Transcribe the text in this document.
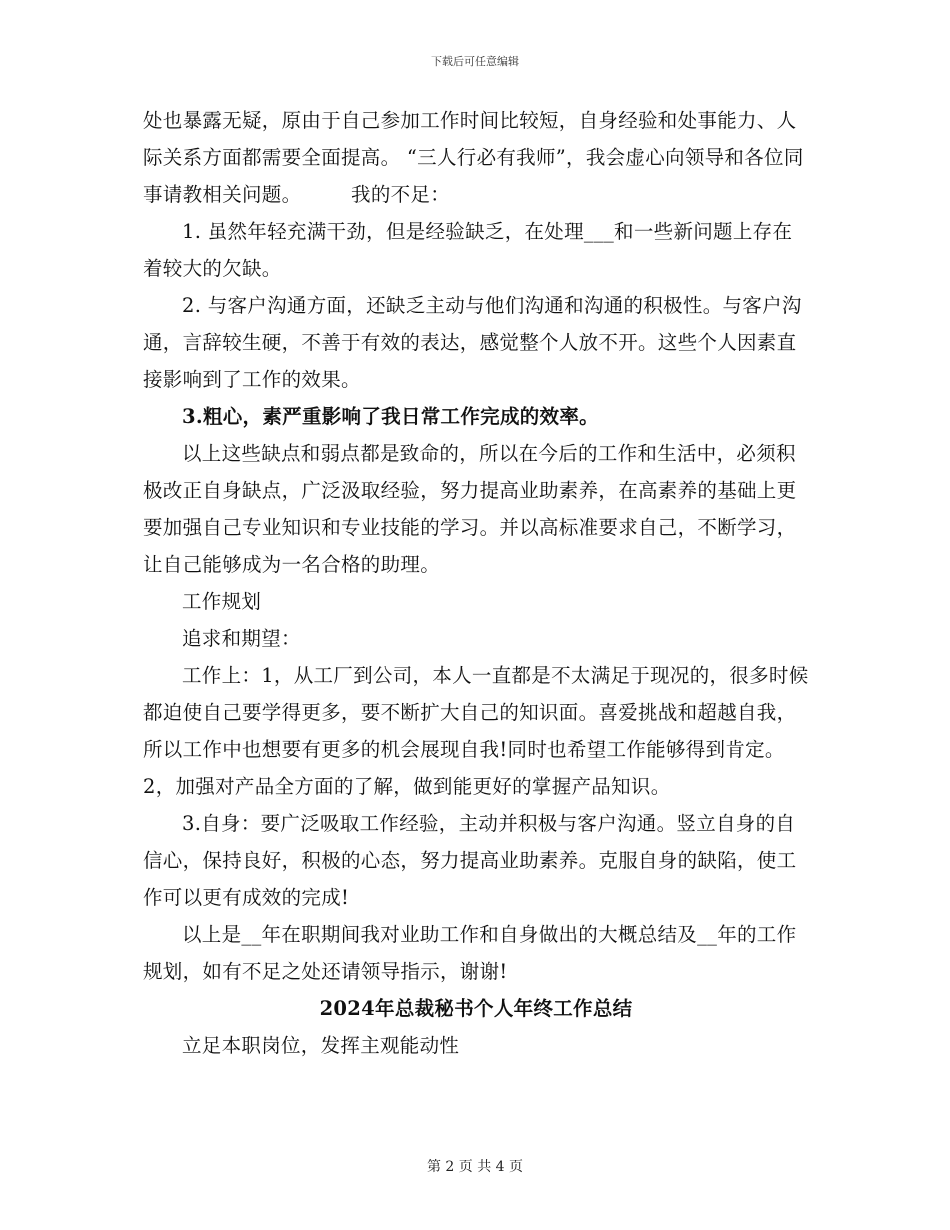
下载后可任意编辑

处也暴露无疑，原由于自己参加工作时间比较短，自身经验和处事能力、人际关系方面都需要全面提高。 “三人行必有我师”，我会虚心向领导和各位同事请教相关问题。　　　我的不足：

1. 虽然年轻充满干劲，但是经验缺乏，在处理___和一些新问题上存在着较大的欠缺。

2. 与客户沟通方面，还缺乏主动与他们沟通和沟通的积极性。与客户沟通，言辞较生硬，不善于有效的表达，感觉整个人放不开。这些个人因素直接影响到了工作的效果。

3.粗心，素严重影响了我日常工作完成的效率。

以上这些缺点和弱点都是致命的，所以在今后的工作和生活中，必须积极改正自身缺点，广泛汲取经验，努力提高业助素养，在高素养的基础上更要加强自己专业知识和专业技能的学习。并以高标准要求自己，不断学习，让自己能够成为一名合格的助理。

工作规划

追求和期望：

工作上：1，从工厂到公司，本人一直都是不太满足于现况的，很多时候都迫使自己要学得更多，要不断扩大自己的知识面。喜爱挑战和超越自我，所以工作中也想要有更多的机会展现自我!同时也希望工作能够得到肯定。2，加强对产品全方面的了解，做到能更好的掌握产品知识。

3.自身：要广泛吸取工作经验，主动并积极与客户沟通。竖立自身的自信心，保持良好，积极的心态，努力提高业助素养。克服自身的缺陷，使工作可以更有成效的完成!

以上是__年在职期间我对业助工作和自身做出的大概总结及__年的工作规划，如有不足之处还请领导指示，谢谢!

2024年总裁秘书个人年终工作总结

立足本职岗位，发挥主观能动性

第 2 页 共 4 页
